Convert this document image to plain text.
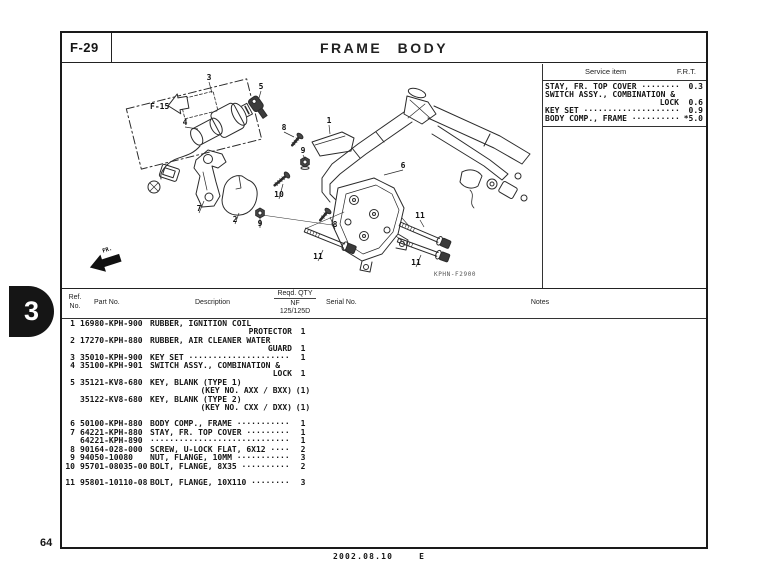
F-29	FRAME BODY
Service item	F.R.T.
STAY, FR. TOP COVER ········	0.3
SWITCH ASSY., COMBINATION &
LOCK	0.6
KEY SET ····················	0.9
BODY COMP., FRAME ·········· *5.0
FR.
F-15
KPHN-F2900
3
5
4
8
1
9
6
10
7
2	9	8
11
11
11
Ref.
No.
Part No.	Description
Reqd. QTY
NF
125/125D
Serial No.	Notes
1 16980-KPH-900 RUBBER, IGNITION COIL
PROTECTOR	1
2 17270-KPH-880 RUBBER, AIR CLEANER WATER
GUARD	1
3 35010-KPH-900 KEY SET ·····················	1
4 35100-KPH-901 SWITCH ASSY., COMBINATION &
LOCK	1
5 35121-KV8-680 KEY, BLANK (TYPE 1)
(KEY NO. AXX / BXX) (1)
35122-KV8-680 KEY, BLANK (TYPE 2)
(KEY NO. CXX / DXX) (1)
6 50100-KPH-880 BODY COMP., FRAME ···········	1
7 64221-KPH-880 STAY, FR. TOP COVER ·········	1
64221-KPH-890 ·····························	1
8 90164-028-000 SCREW, U-LOCK FLAT, 6X12 ····	2
9 94050-10080	NUT, FLANGE, 10MM ···········	3
10 95701-08035-00 BOLT, FLANGE, 8X35 ··········	2
11 95801-10110-08 BOLT, FLANGE, 10X110 ········	3
3
64
2002.08.10	E
